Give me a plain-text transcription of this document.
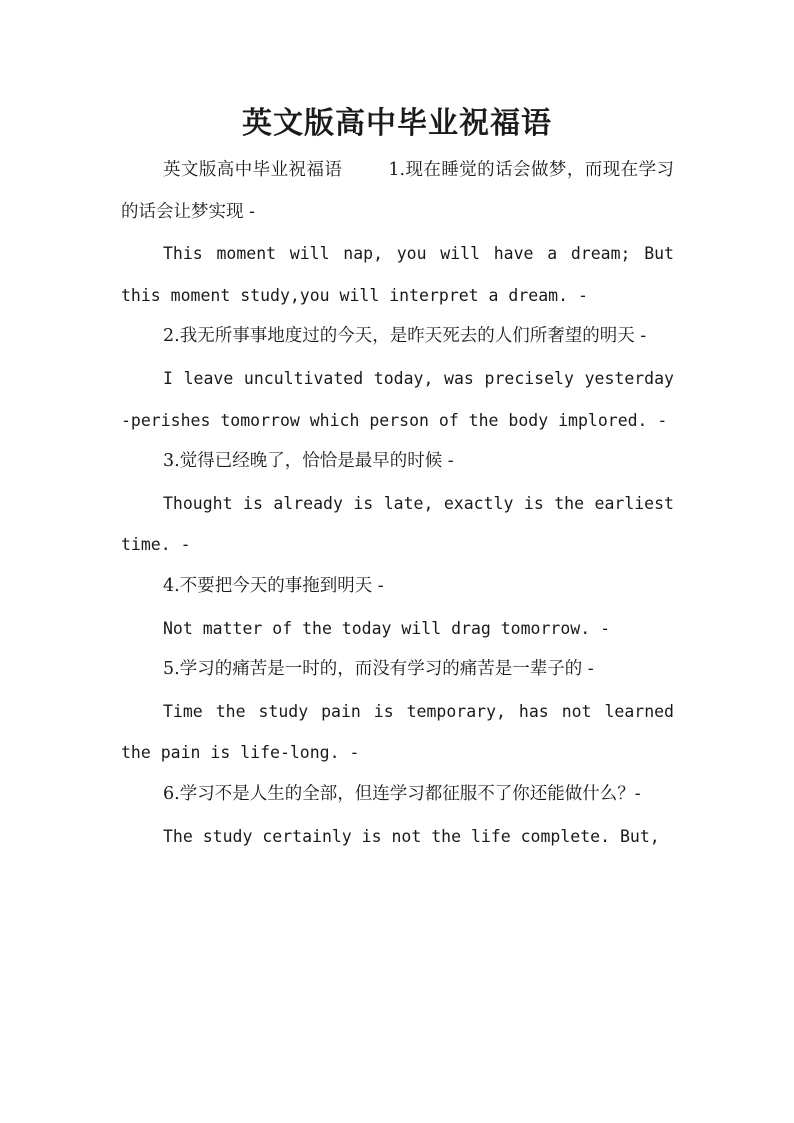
英文版高中毕业祝福语

英文版高中毕业祝福语	1.现在睡觉的话会做梦，而现在学习的话会让梦实现 -

This moment will nap, you will have a dream; But this moment study,you will interpret a dream. -

2.我无所事事地度过的今天，是昨天死去的人们所奢望的明天 -

I leave uncultivated today, was precisely yesterday -perishes tomorrow which person of the body implored. -

3.觉得已经晚了，恰恰是最早的时候 -

Thought is already is late, exactly is the earliest time. -

4.不要把今天的事拖到明天 -

Not matter of the today will drag tomorrow. -

5.学习的痛苦是一时的，而没有学习的痛苦是一辈子的 -

Time the study pain is temporary, has not learned the pain is life-long. -

6.学习不是人生的全部，但连学习都征服不了你还能做什么？-

The study certainly is not the life complete. But,
